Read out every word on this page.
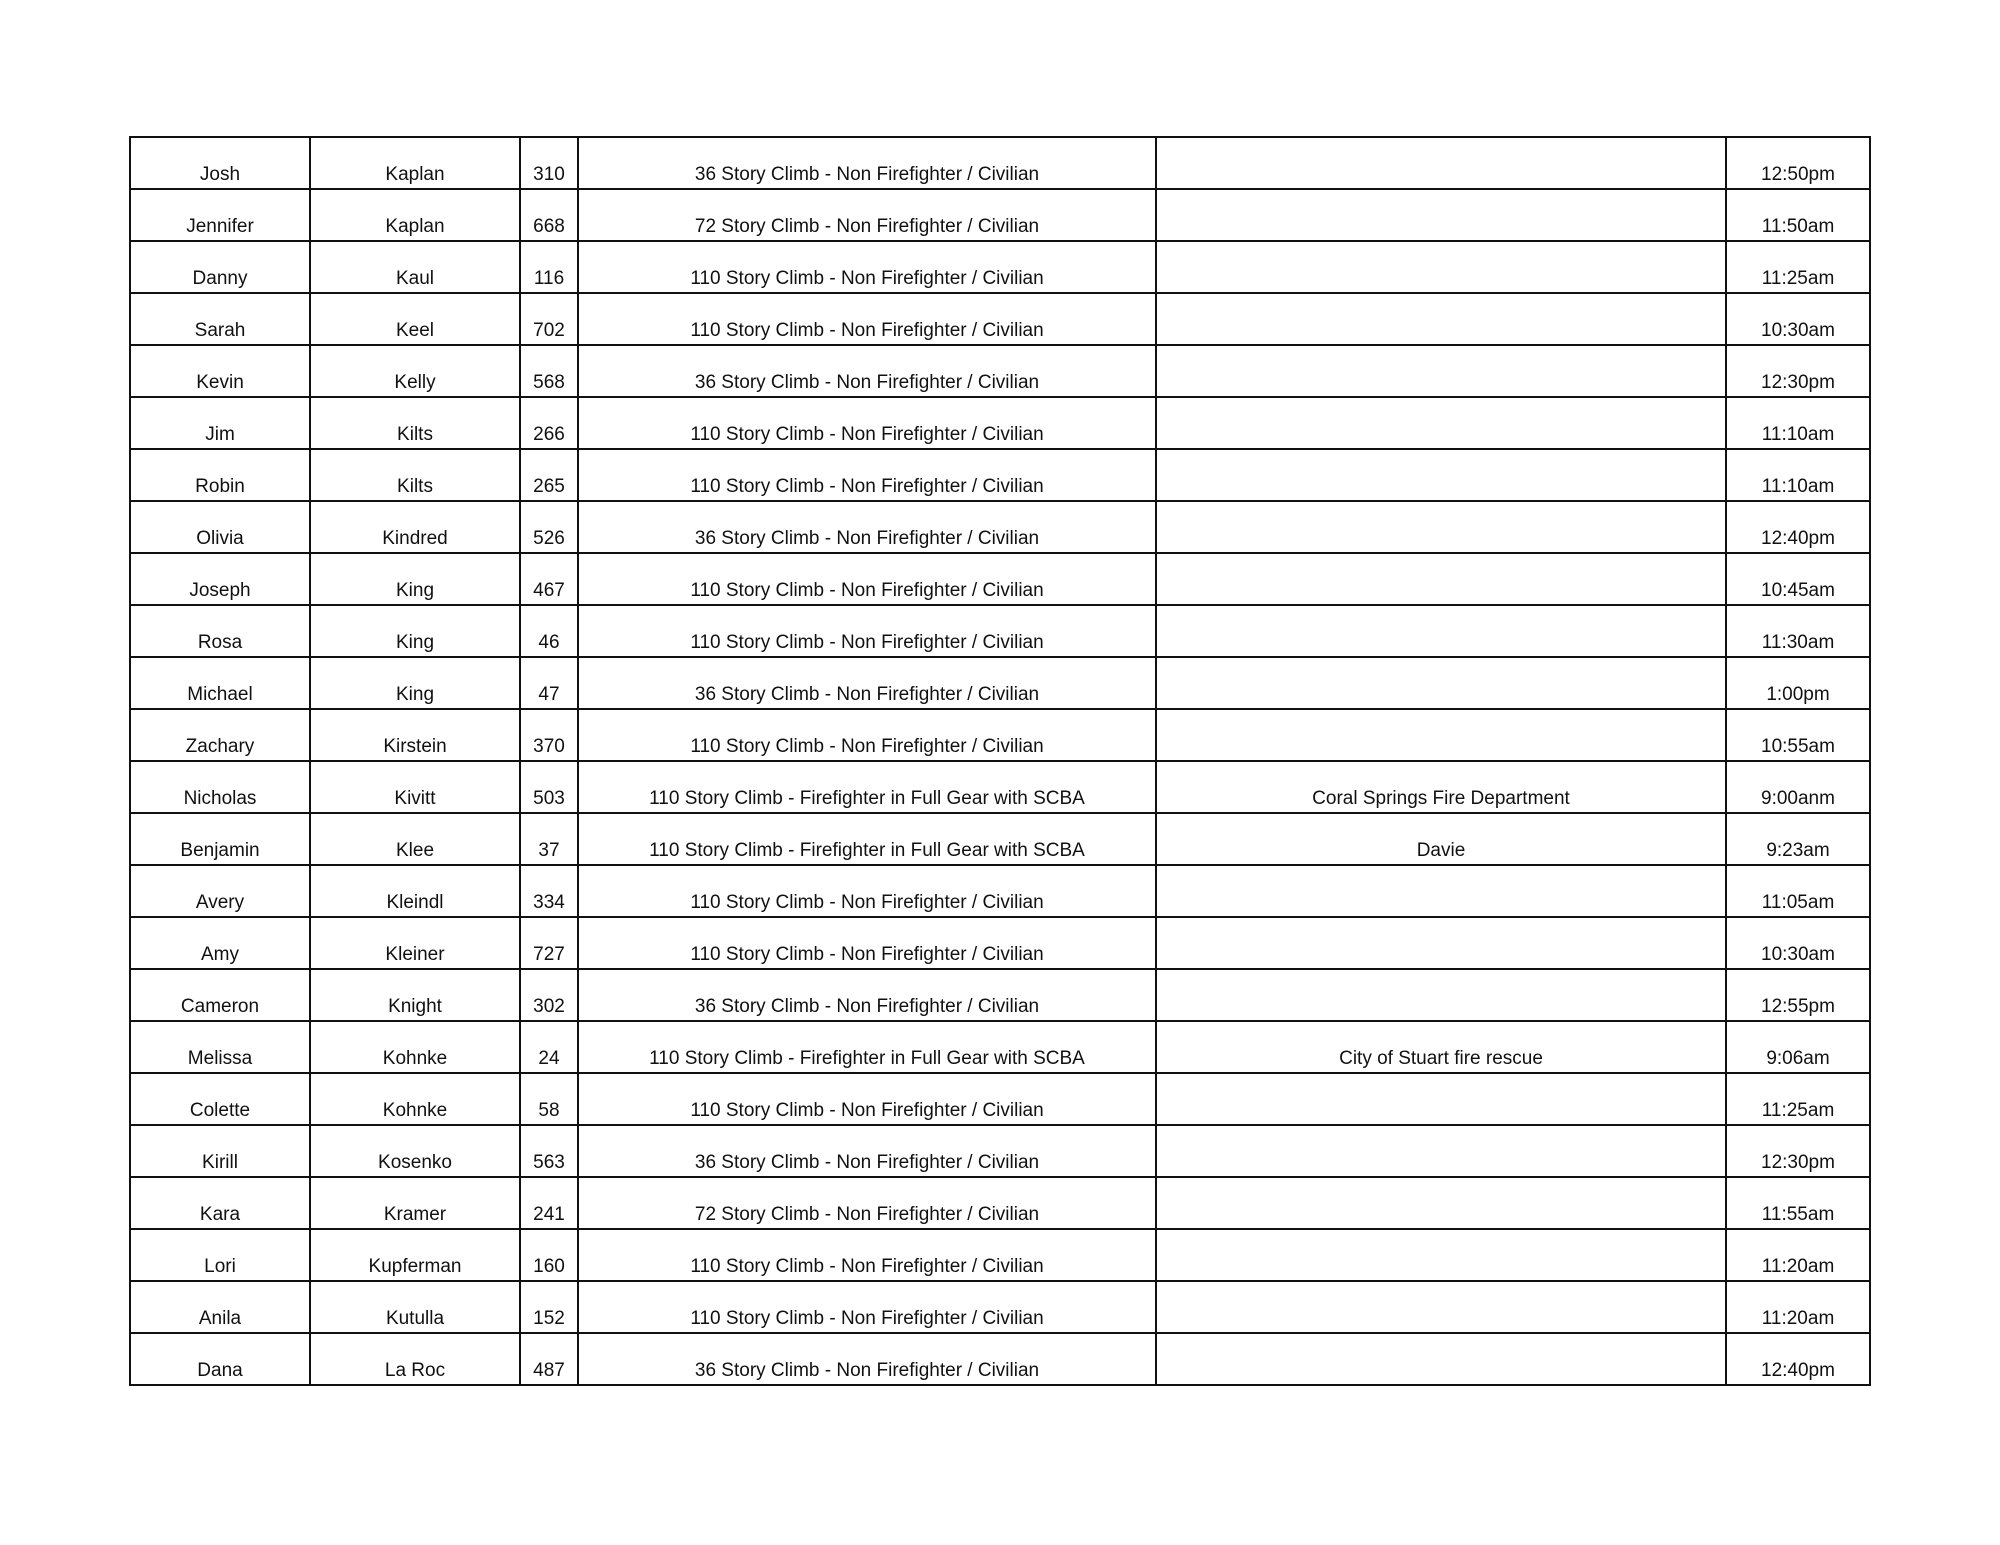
Josh	Kaplan	310	36 Story Climb - Non Firefighter / Civilian		12:50pm
Jennifer	Kaplan	668	72 Story Climb - Non Firefighter / Civilian		11:50am
Danny	Kaul	116	110 Story Climb - Non Firefighter / Civilian		11:25am
Sarah	Keel	702	110 Story Climb - Non Firefighter / Civilian		10:30am
Kevin	Kelly	568	36 Story Climb - Non Firefighter / Civilian		12:30pm
Jim	Kilts	266	110 Story Climb - Non Firefighter / Civilian		11:10am
Robin	Kilts	265	110 Story Climb - Non Firefighter / Civilian		11:10am
Olivia	Kindred	526	36 Story Climb - Non Firefighter / Civilian		12:40pm
Joseph	King	467	110 Story Climb - Non Firefighter / Civilian		10:45am
Rosa	King	46	110 Story Climb - Non Firefighter / Civilian		11:30am
Michael	King	47	36 Story Climb - Non Firefighter / Civilian		1:00pm
Zachary	Kirstein	370	110 Story Climb - Non Firefighter / Civilian		10:55am
Nicholas	Kivitt	503	110 Story Climb - Firefighter in Full Gear with SCBA	Coral Springs Fire Department	9:00anm
Benjamin	Klee	37	110 Story Climb - Firefighter in Full Gear with SCBA	Davie	9:23am
Avery	Kleindl	334	110 Story Climb - Non Firefighter / Civilian		11:05am
Amy	Kleiner	727	110 Story Climb - Non Firefighter / Civilian		10:30am
Cameron	Knight	302	36 Story Climb - Non Firefighter / Civilian		12:55pm
Melissa	Kohnke	24	110 Story Climb - Firefighter in Full Gear with SCBA	City of Stuart fire rescue	9:06am
Colette	Kohnke	58	110 Story Climb - Non Firefighter / Civilian		11:25am
Kirill	Kosenko	563	36 Story Climb - Non Firefighter / Civilian		12:30pm
Kara	Kramer	241	72 Story Climb - Non Firefighter / Civilian		11:55am
Lori	Kupferman	160	110 Story Climb - Non Firefighter / Civilian		11:20am
Anila	Kutulla	152	110 Story Climb - Non Firefighter / Civilian		11:20am
Dana	La Roc	487	36 Story Climb - Non Firefighter / Civilian		12:40pm
